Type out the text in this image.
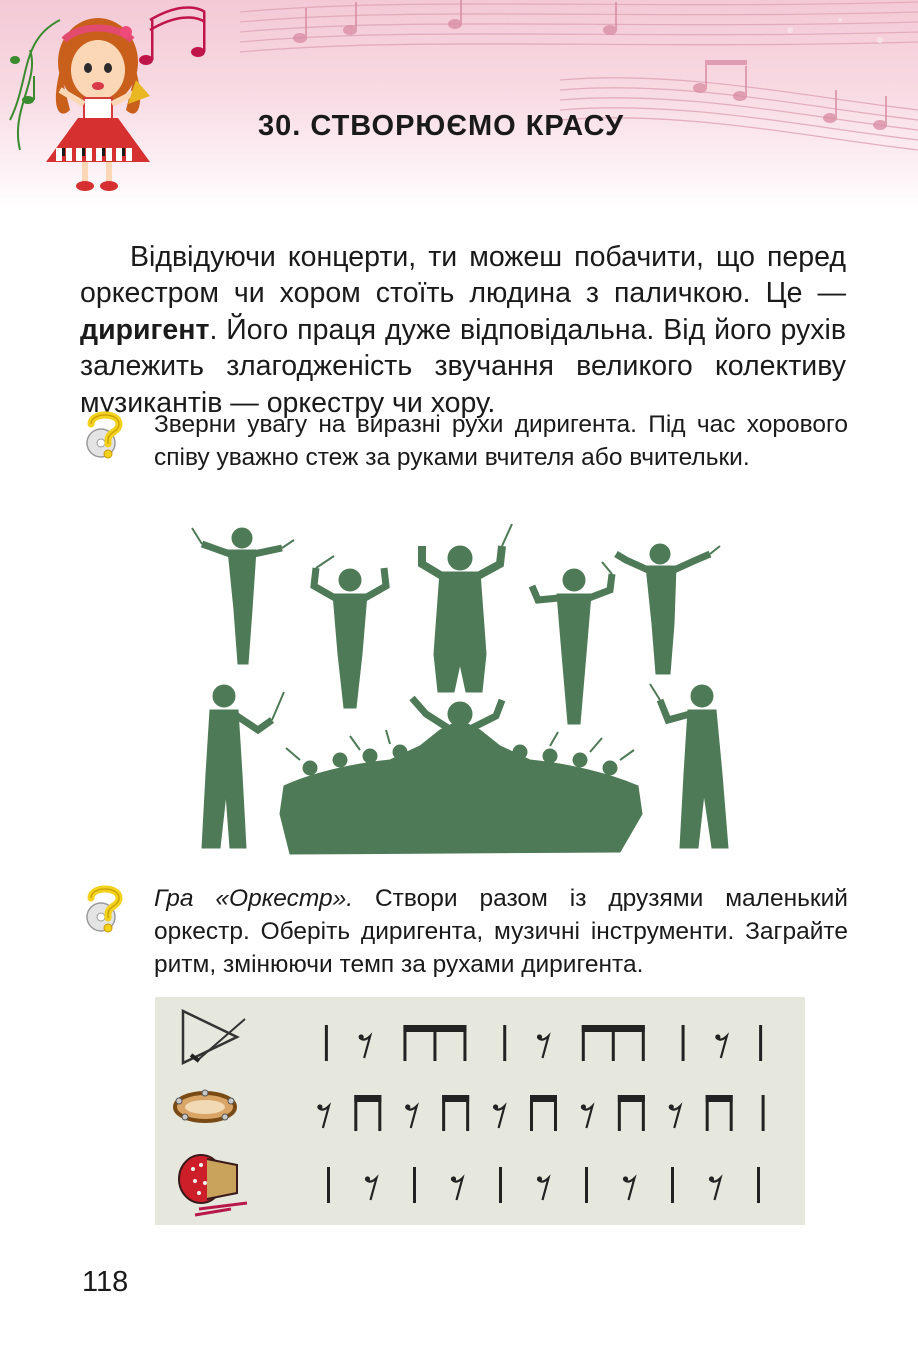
30. СТВОРЮЄМО КРАСУ

Відвідуючи концерти, ти можеш побачити, що перед оркестром чи хором стоїть людина з паличкою. Це — диригент. Його праця дуже відповідальна. Від його рухів залежить злагодженість звучання великого колективу музикантів — оркестру чи хору.

Зверни увагу на виразні рухи диригента. Під час хорового співу уважно стеж за руками вчителя або вчительки.
Гра «Оркестр». Створи разом із друзями маленький оркестр. Оберіть диригента, музичні інструменти. Заграйте ритм, змінюючи темп за рухами диригента.
118
